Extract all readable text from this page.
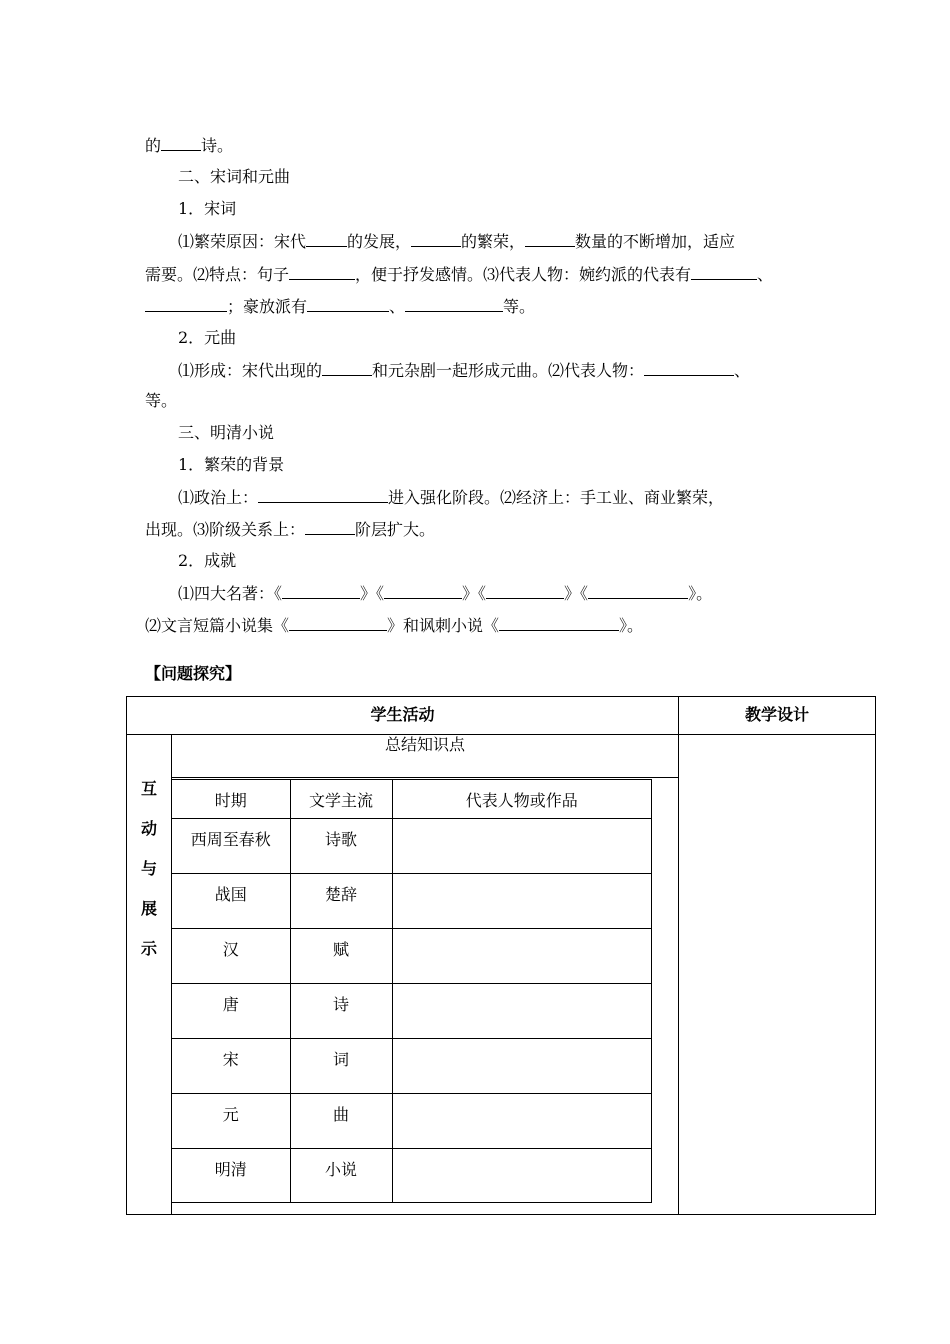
的	诗。
二、宋词和元曲
1．宋词
⑴繁荣原因：宋代	的发展，	的繁荣，	数量的不断增加，适应
需要。⑵特点：句子	，便于抒发感情。⑶代表人物：婉约派的代表有	、
；豪放派有	、	等。
2．元曲
⑴形成：宋代出现的	和元杂剧一起形成元曲。⑵代表人物：	、
等。
三、明清小说
1．繁荣的背景
⑴政治上：	进入强化阶段。⑵经济上：手工业、商业繁荣，
出现。⑶阶级关系上：	阶层扩大。
2．成就
⑴四大名著：《	》《	》《	》《	》。
⑵文言短篇小说集《	》和讽刺小说《	》。
【问题探究】
学生活动	教学设计
互
动
与
展
示
总结知识点
时期	文学主流	代表人物或作品
西周至春秋	诗歌	
战国	楚辞	
汉	赋	
唐	诗	
宋	词	
元	曲	
明清	小说	
